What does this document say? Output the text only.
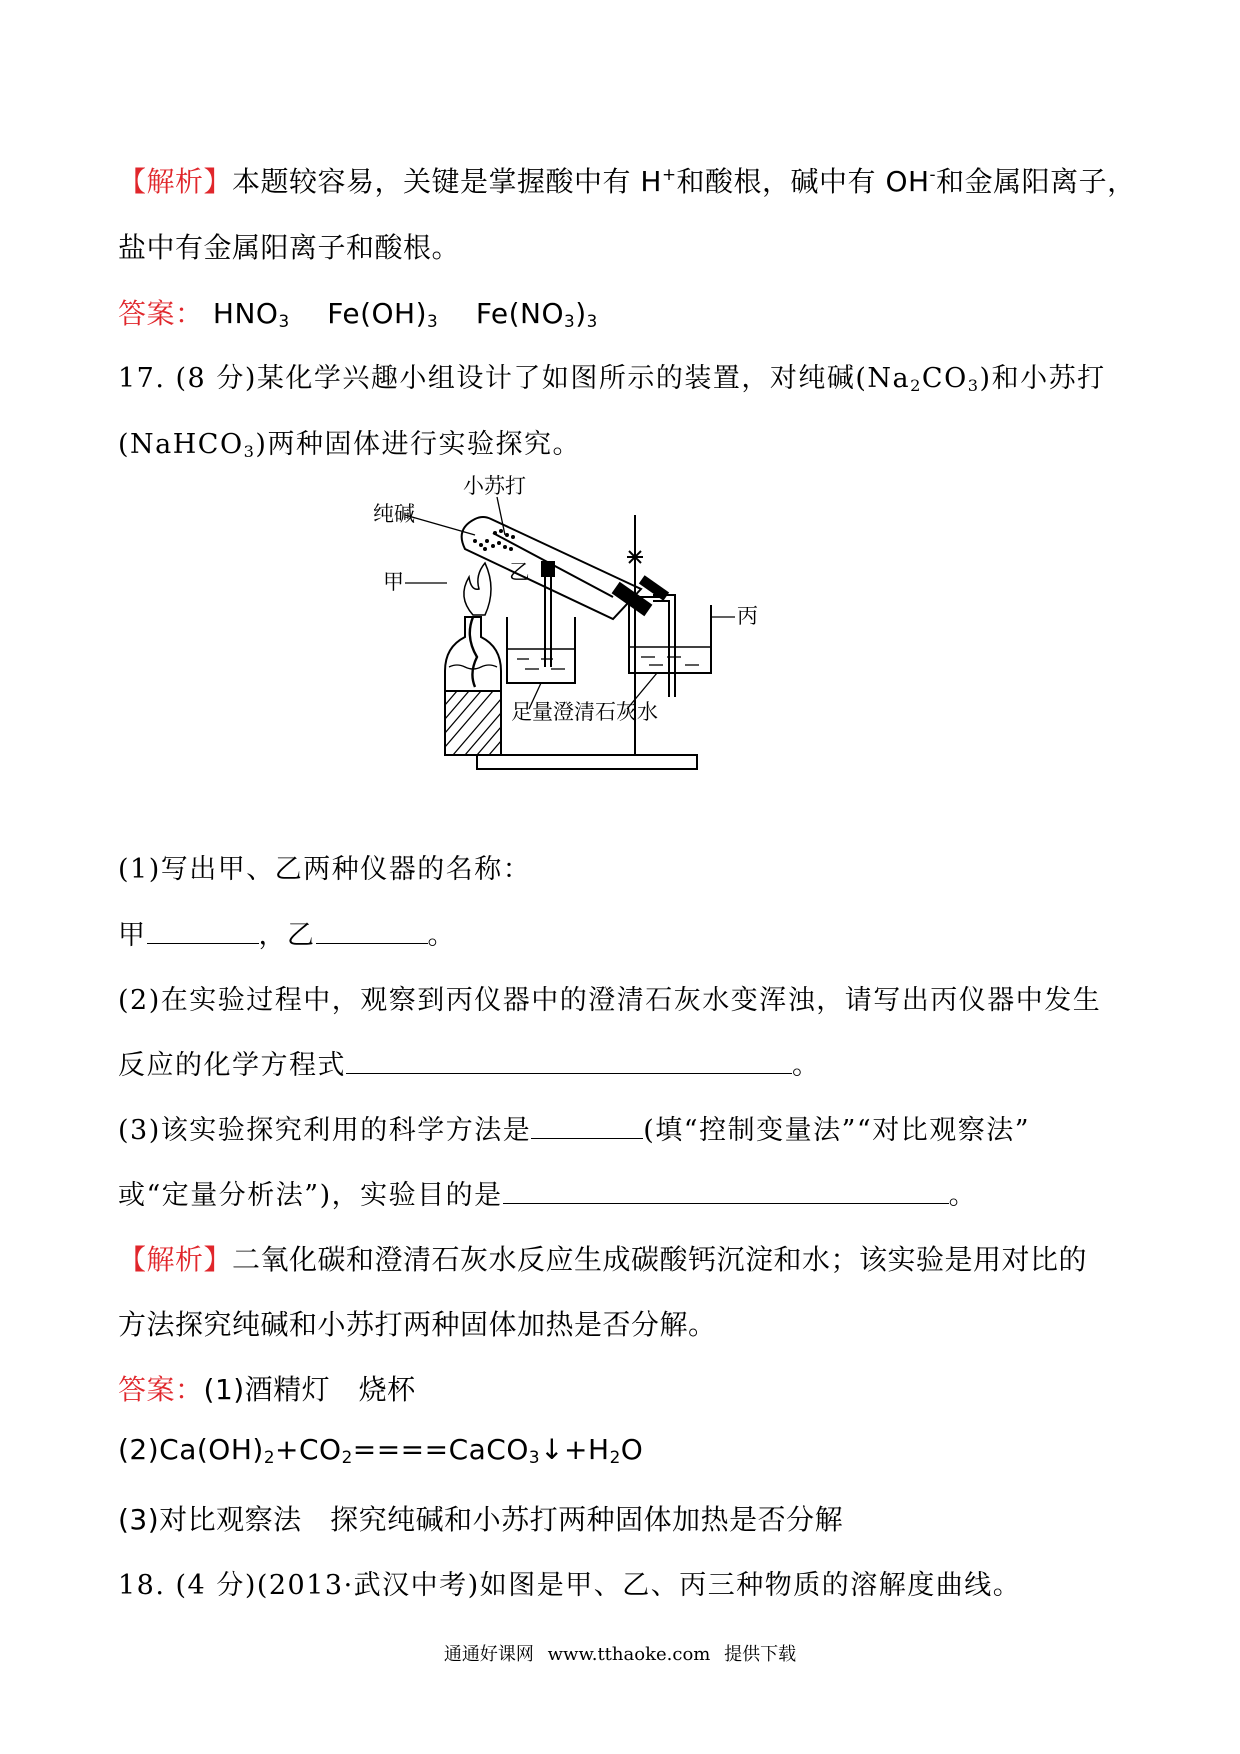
【解析】本题较容易，关键是掌握酸中有 H+和酸根，碱中有 OH-和金属阳离子，
盐中有金属阳离子和酸根。
答案： $HNO_3$ $Fe(OH)_3$ $Fe(NO_3)_3$
17. (8 分)某化学兴趣小组设计了如图所示的装置，对纯碱$(Na_2CO_3)$和小苏打
(NaHCO$_3$)两种固体进行实验探究。
小苏打
纯碱
甲	乙
丙
足量澄清石灰水
(1)写出甲、乙两种仪器的名称：
甲	，乙	。
(2)在实验过程中，观察到丙仪器中的澄清石灰水变浑浊，请写出丙仪器中发生
反应的化学方程式	。
(3)该实验探究利用的科学方法是	(填“控制变量法”“对比观察法”
或“定量分析法”)，实验目的是	。
【解析】二氧化碳和澄清石灰水反应生成碳酸钙沉淀和水；该实验是用对比的
方法探究纯碱和小苏打两种固体加热是否分解。
答案：(1)酒精灯　烧杯
$(2)Ca(OH)_2+CO_2====CaCO_3↓+H_2O$
(3)对比观察法　探究纯碱和小苏打两种固体加热是否分解
18. (4 分)(2013·武汉中考)如图是甲、乙、丙三种物质的溶解度曲线。
通通好课网 www.tthaoke.com 提供下载
